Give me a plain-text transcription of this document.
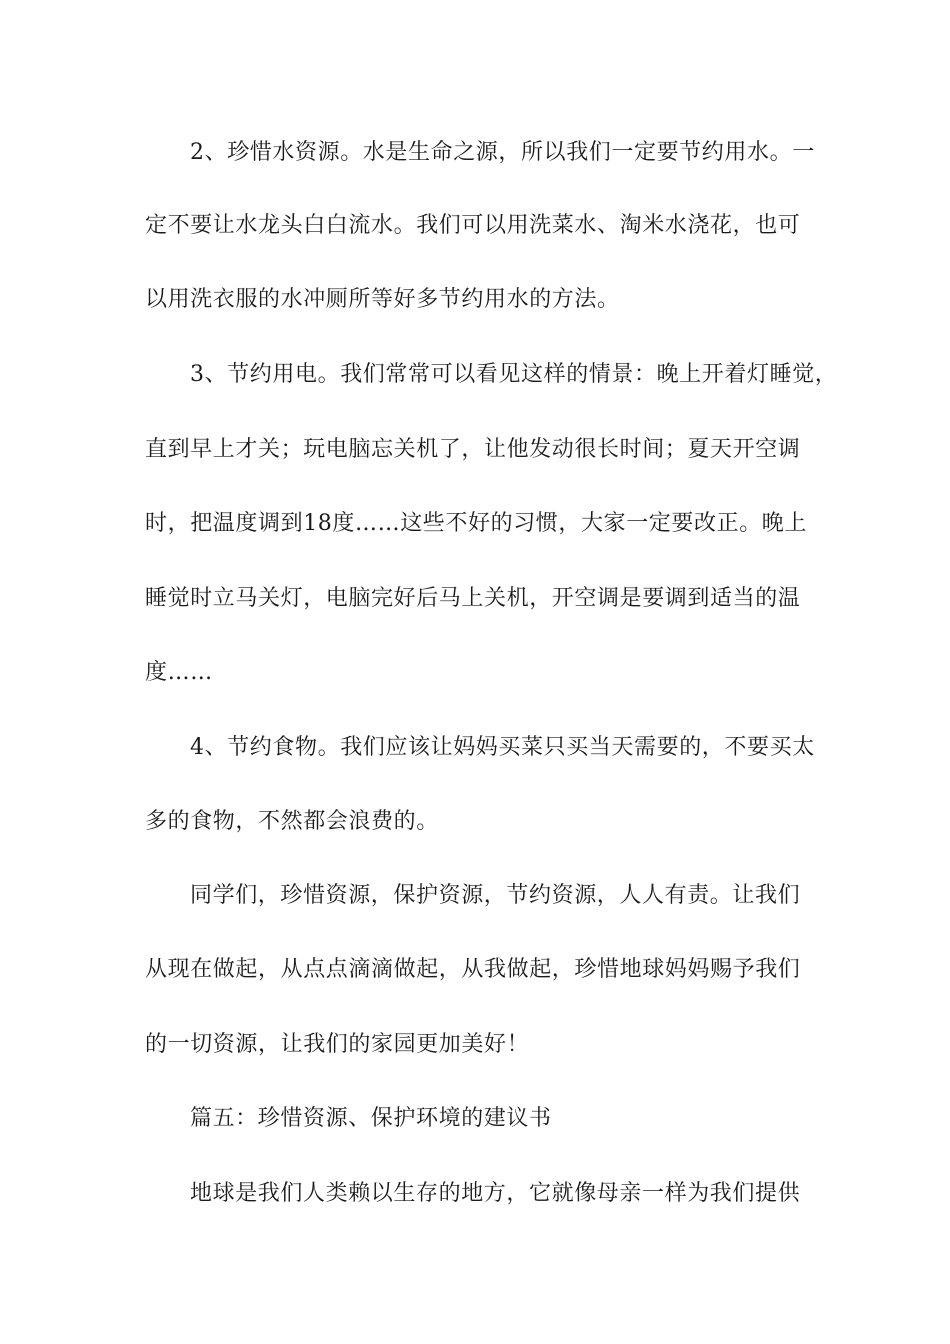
2、珍惜水资源。水是生命之源，所以我们一定要节约用水。一
定不要让水龙头白白流水。我们可以用洗菜水、淘米水浇花，也可
以用洗衣服的水冲厕所等好多节约用水的方法。
3、节约用电。我们常常可以看见这样的情景：晚上开着灯睡觉，
直到早上才关；玩电脑忘关机了，让他发动很长时间；夏天开空调
时，把温度调到18度……这些不好的习惯，大家一定要改正。晚上
睡觉时立马关灯，电脑完好后马上关机，开空调是要调到适当的温
度……
4、节约食物。我们应该让妈妈买菜只买当天需要的，不要买太
多的食物，不然都会浪费的。
同学们，珍惜资源，保护资源，节约资源，人人有责。让我们
从现在做起，从点点滴滴做起，从我做起，珍惜地球妈妈赐予我们
的一切资源，让我们的家园更加美好！
篇五：珍惜资源、保护环境的建议书
地球是我们人类赖以生存的地方，它就像母亲一样为我们提供
